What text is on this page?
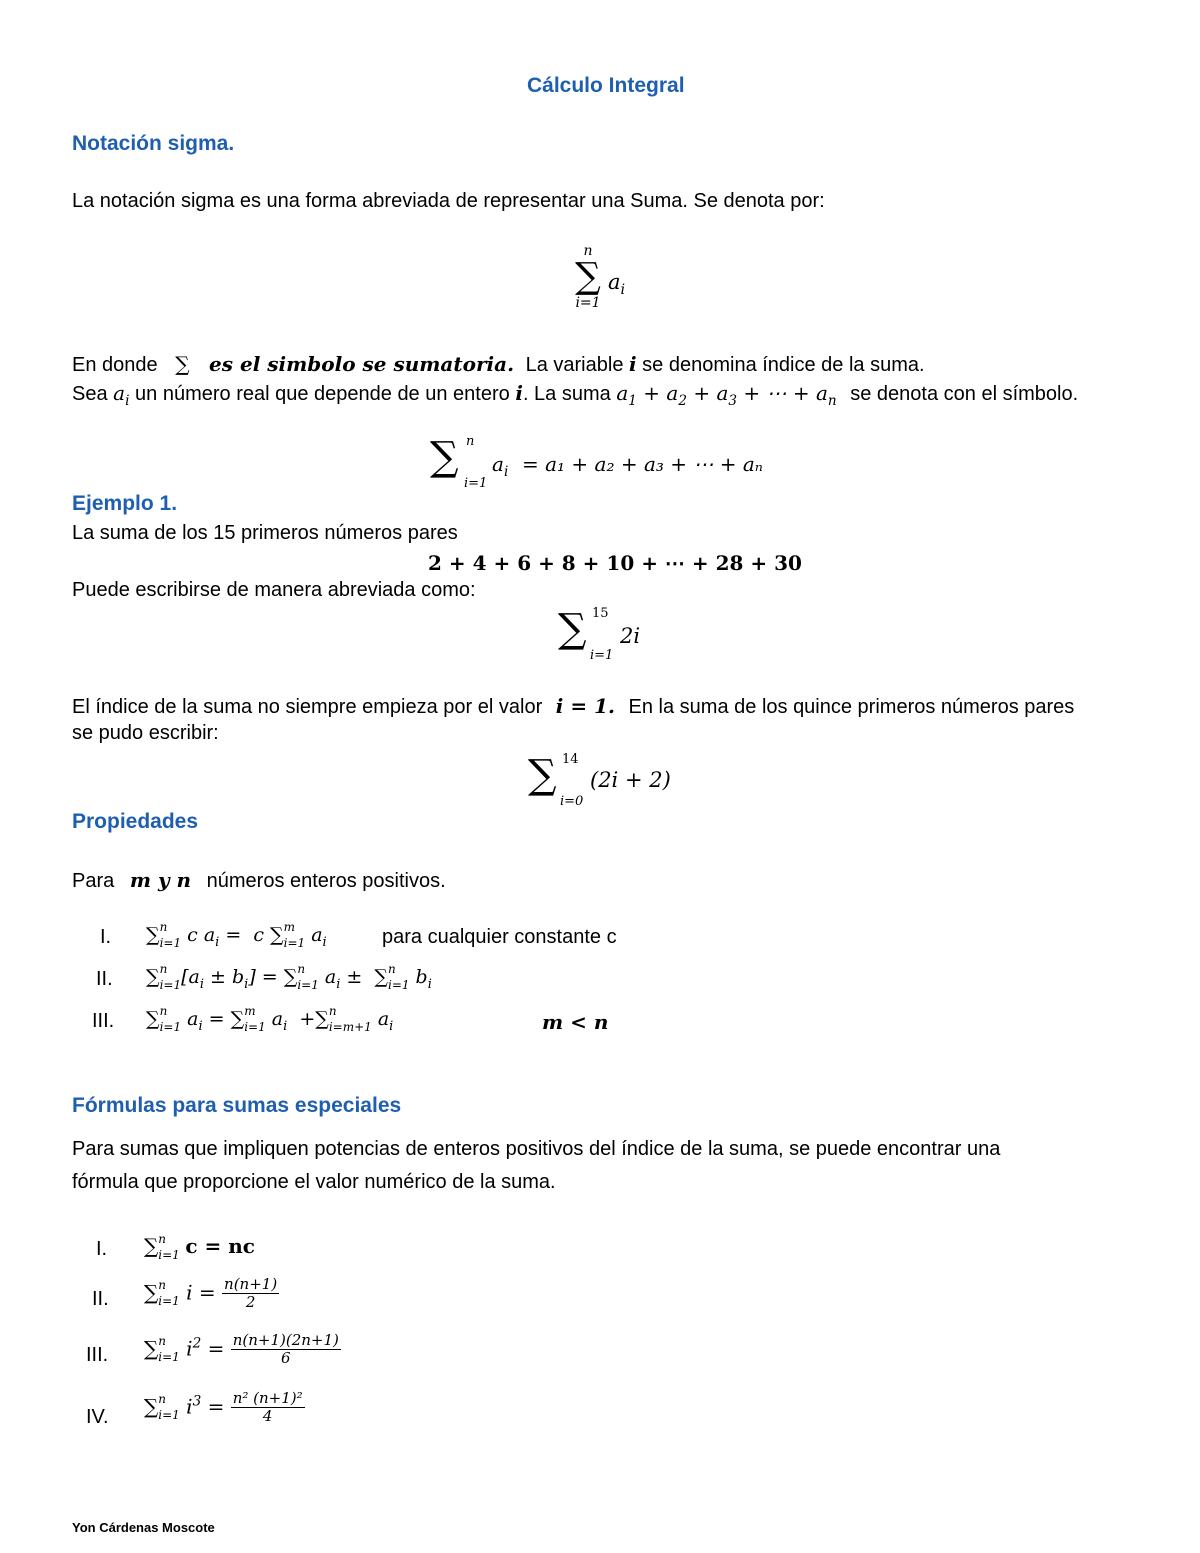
Cálculo Integral
Notación sigma.
La notación sigma es una forma abreviada de representar una Suma. Se denota por:
n
∑
i=1
$a_i$
En donde ∑ es el simbolo se sumatoria. La variable i se denomina índice de la suma.
Sea $a_i$ un número real que depende de un entero i. La suma $a_1 + a_2 + a_3$ + ⋯ + $a_n$ se denota con el símbolo.
∑ n
i=1
$a_i = a_1 + a_2 + a_3$ + ⋯ + aₙ
Ejemplo 1.
La suma de los 15 primeros números pares
2 + 4 + 6 + 8 + 10 + ⋯ + 28 + 30
Puede escribirse de manera abreviada como:
∑ 15
i=1
2i
El índice de la suma no siempre empieza por el valor i = 1. En la suma de los quince primeros números pares
se pudo escribir:
∑ 14
i=0
(2i + 2)
Propiedades
Para m y n números enteros positivos.
I. ∑ n
i=1 c $a_i = c$ ∑ m
i=1 $a_i$	para cualquier constante c
II. ∑ n
$i=1[a_i \pm b_i]$ = ∑ n
i=1 $a_i$ ±  ∑ n
i=1 $b_i$
III. ∑ n
i=1 $a_i$ = ∑ m
i=1 $a_i$  +∑ n
i=m+1 $a_i$	m < n
Fórmulas para sumas especiales
Para sumas que impliquen potencias de enteros positivos del índice de la suma, se puede encontrar una
fórmula que proporcione el valor numérico de la suma.
I. ∑ n
i=1 c = nc
II. ∑ n
i=1 $i = \frac{n(n+1)}{2}$
III. ∑ n
i=1 $i^2 = \frac{n(n+1)(2n+1)}{6}$
IV. ∑ n
i=1 $i^3 = \frac{\text{n² (n+1)²}}{4}$
Yon Cárdenas Moscote
